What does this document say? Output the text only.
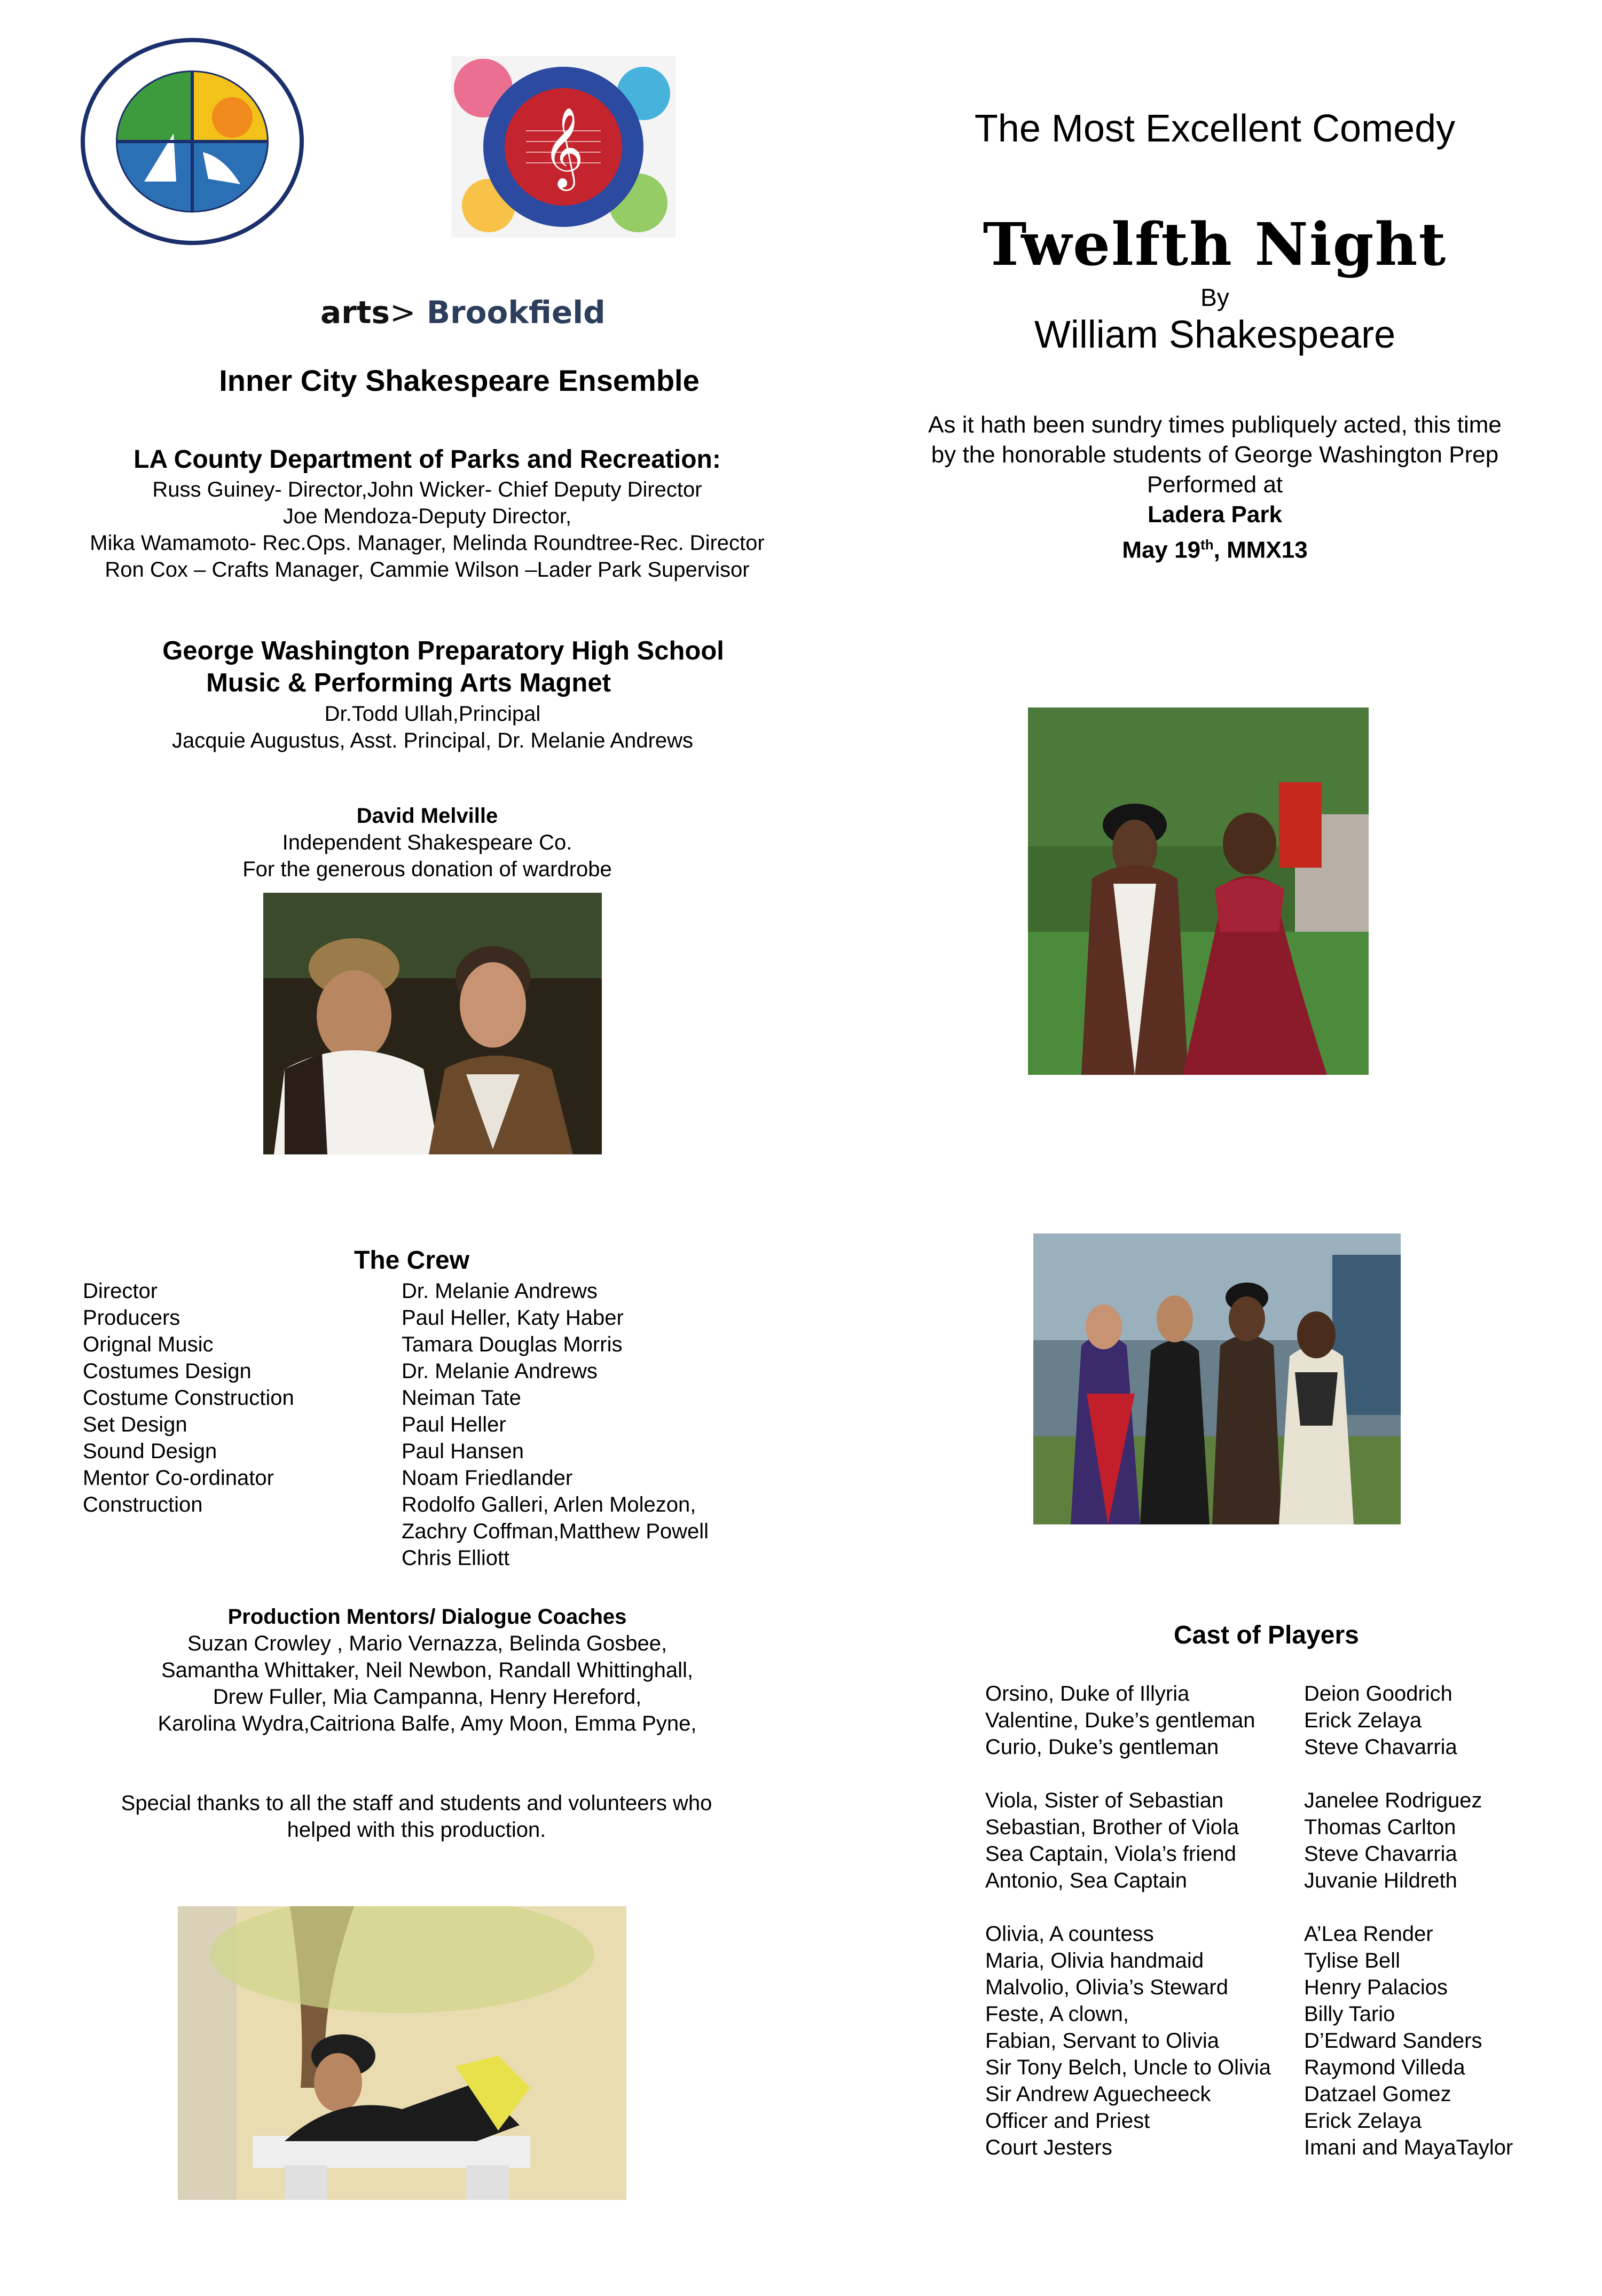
𝄞
arts> Brookfield
Inner City Shakespeare Ensemble
LA County Department of Parks and Recreation:
Russ Guiney- Director,John Wicker- Chief Deputy Director
Joe Mendoza-Deputy Director,
Mika Wamamoto- Rec.Ops. Manager, Melinda Roundtree-Rec. Director
Ron Cox – Crafts Manager, Cammie Wilson –Lader Park Supervisor
George Washington Preparatory High School
Music & Performing Arts Magnet
Dr.Todd Ullah,Principal
Jacquie Augustus, Asst. Principal, Dr. Melanie Andrews
David Melville
Independent Shakespeare Co.
For the generous donation of wardrobe
The Crew
Director	Dr. Melanie Andrews
Producers	Paul Heller, Katy Haber
Orignal Music	Tamara Douglas Morris
Costumes Design	Dr. Melanie Andrews
Costume Construction	Neiman Tate
Set Design	Paul Heller
Sound Design	Paul Hansen
Mentor Co-ordinator	Noam Friedlander
Construction	Rodolfo Galleri, Arlen Molezon,
Zachry Coffman,Matthew Powell
Chris Elliott
Production Mentors/ Dialogue Coaches
Suzan Crowley , Mario Vernazza, Belinda Gosbee,
Samantha Whittaker, Neil Newbon, Randall Whittinghall,
Drew Fuller, Mia Campanna, Henry Hereford,
Karolina Wydra,Caitriona Balfe, Amy Moon, Emma Pyne,
Special thanks to all the staff and students and volunteers who
helped with this production.
The Most Excellent Comedy
Twelfth Night
By
William Shakespeare
As it hath been sundry times publiquely acted, this time
by the honorable students of George Washington Prep
Performed at
Ladera Park
May 19th, MMX13
Cast of Players
Orsino, Duke of Illyria	Deion Goodrich
Valentine, Duke’s gentleman	Erick Zelaya
Curio, Duke’s gentleman	Steve Chavarria
Viola, Sister of Sebastian	Janelee Rodriguez
Sebastian, Brother of Viola	Thomas Carlton
Sea Captain, Viola’s friend	Steve Chavarria
Antonio, Sea Captain	Juvanie Hildreth
Olivia, A countess	A’Lea Render
Maria, Olivia handmaid	Tylise Bell
Malvolio, Olivia’s Steward	Henry Palacios
Feste, A clown,	Billy Tario
Fabian, Servant to Olivia	D’Edward Sanders
Sir Tony Belch, Uncle to Olivia	Raymond Villeda
Sir Andrew Aguecheeck	Datzael Gomez
Officer and Priest	Erick Zelaya
Court Jesters	Imani and MayaTaylor
